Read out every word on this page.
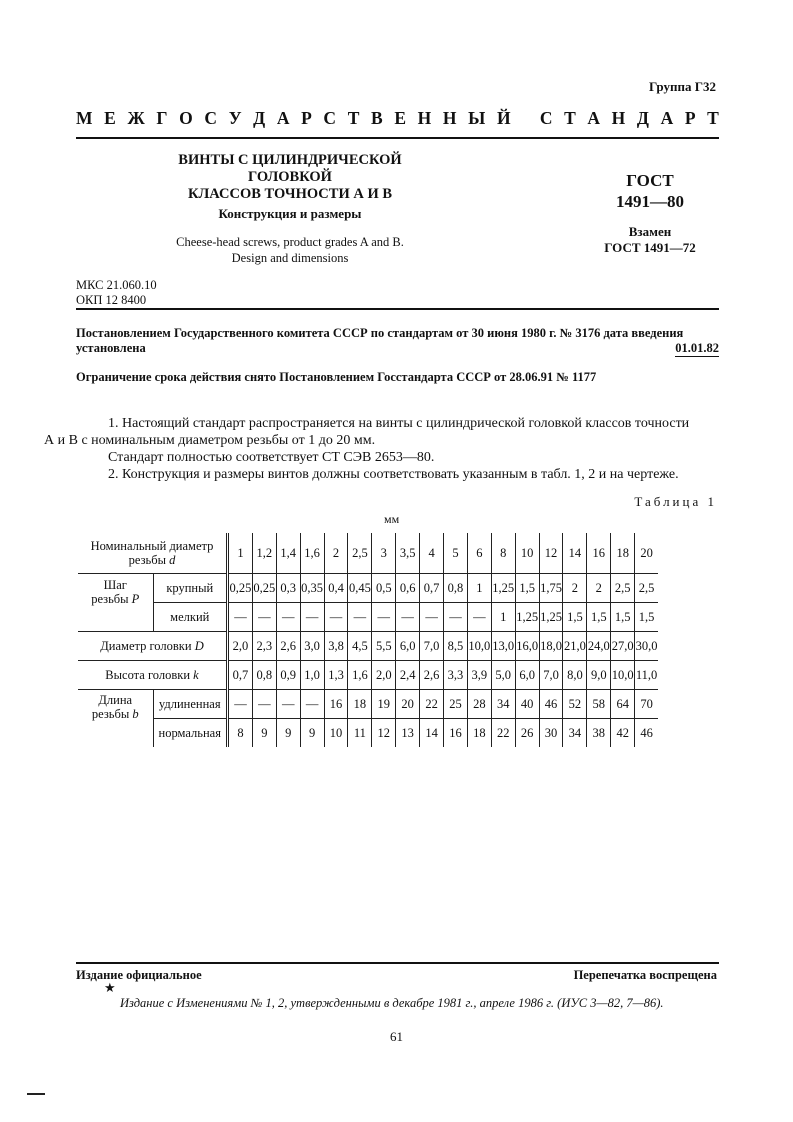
Группа Г32
М Е Ж Г О С У Д А Р С Т В Е Н Н Ы Й С Т А Н Д А Р Т
ВИНТЫ С ЦИЛИНДРИЧЕСКОЙ ГОЛОВКОЙ
КЛАССОВ ТОЧНОСТИ А И В
Конструкция и размеры
Cheese-head screws, product grades A and B.
Design and dimensions
ГОСТ
1491—80
Взамен
ГОСТ 1491—72
МКС 21.060.10
ОКП 12 8400
Постановлением Государственного комитета СССР по стандартам от 30 июня 1980 г. № 3176 дата введения
установлена	01.01.82
Ограничение срока действия снято Постановлением Госстандарта СССР от 28.06.91 № 1177
1. Настоящий стандарт распространяется на винты с цилиндрической головкой классов точности
А и В с номинальным диаметром резьбы от 1 до 20 мм.
Стандарт полностью соответствует СТ СЭВ 2653—80.
2. Конструкция и размеры винтов должны соответствовать указанным в табл. 1, 2 и на чертеже.
Таблица 1
мм
Номинальный диаметр
резьбы d		1	1,2	1,4	1,6	2	2,5	3	3,5	4	5	6	8	10	12	14	16	18	20
Шаг
резьбы P	крупный	0,25	0,25	0,3	0,35	0,4	0,45	0,5	0,6	0,7	0,8	1	1,25	1,5	1,75	2	2	2,5	2,5
	мелкий	—	—	—	—	—	—	—	—	—	—	—	1	1,25	1,25	1,5	1,5	1,5	1,5
Диаметр головки D		2,0	2,3	2,6	3,0	3,8	4,5	5,5	6,0	7,0	8,5	10,0	13,0	16,0	18,0	21,0	24,0	27,0	30,0
Высота головки k		0,7	0,8	0,9	1,0	1,3	1,6	2,0	2,4	2,6	3,3	3,9	5,0	6,0	7,0	8,0	9,0	10,0	11,0
Длина
резьбы b	удлиненная	—	—	—	—	16	18	19	20	22	25	28	34	40	46	52	58	64	70
	нормальная	8	9	9	9	10	11	12	13	14	16	18	22	26	30	34	38	42	46
Издание официальное	Перепечатка воспрещена
★
Издание с Изменениями № 1, 2, утвержденными в декабре 1981 г., апреле 1986 г. (ИУС 3—82, 7—86).
61
